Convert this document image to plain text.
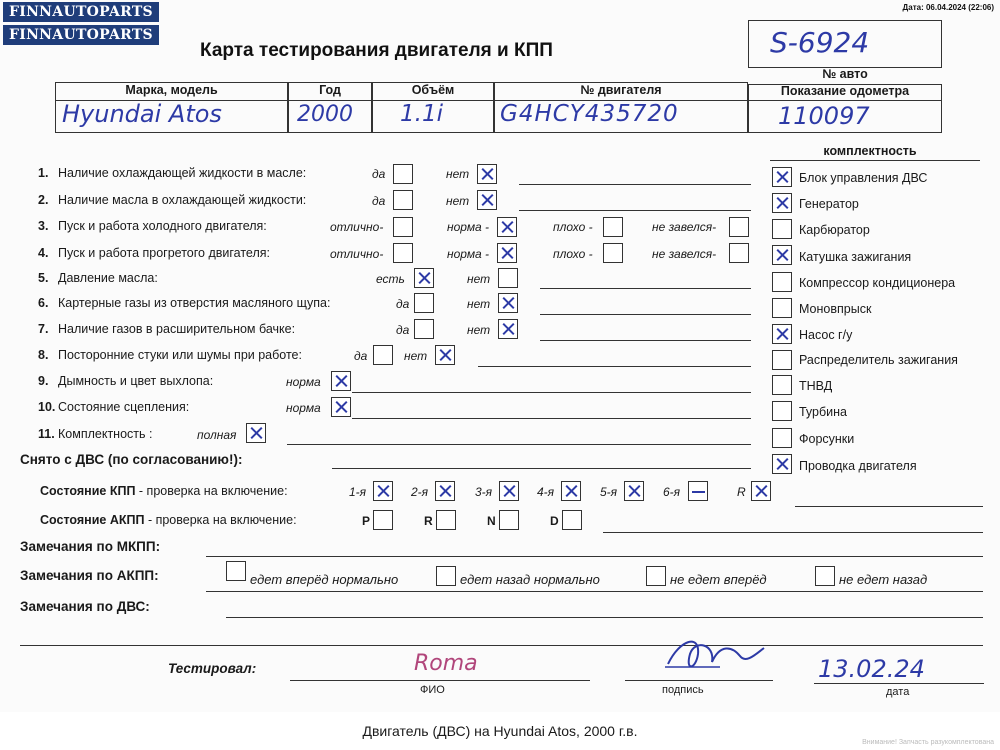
FINNAUTOPARTS
FINNAUTOPARTS
Дата: 06.04.2024 (22:06)
Карта тестирования двигателя и КПП	S-6924
№ авто
Марка, модель	Год	Объём	№ двигателя	Показание одометра
Hyundai Atos	2000 1.1i G4HCY435720	110097
комплектность
1. Наличие охлаждающей жидкости в масле:	да	нет
2. Наличие масла в охлаждающей жидкости:	да	нет
3. Пуск и работа холодного двигателя:	отлично-	норма -	плохо -	не завелся-
4. Пуск и работа прогретого двигателя:	отлично-	норма -	плохо -	не завелся-
5. Давление масла:	есть	нет
6. Картерные газы из отверстия масляного щупа:	да	нет
7. Наличие газов в расширительном бачке:	да	нет
8. Посторонние стуки или шумы при работе:	да	нет
9. Дымность и цвет выхлопа:	норма
10. Состояние сцепления:	норма
11. Комплектность :	полная
Блок управления ДВС
Генератор
Карбюратор
Катушка зажигания
Компрессор кондиционера
Моновпрыск
Насос г/у
Распределитель зажигания
ТНВД
Турбина
Форсунки
Проводка двигателя
Снято с ДВС (по согласованию!):
Состояние КПП - проверка на включение:	1-я	2-я	3-я	4-я	5-я	6-я	R
Состояние АКПП - проверка на включение:	P	R	N	D
Замечания по МКПП:
Замечания по АКПП:	едет вперёд нормально	едет назад нормально	не едет вперёд	не едет назад
Замечания по ДВС:
Тестировал:	Roma
ФИО	подпись
13.02.24
дата
Двигатель (ДВС) на Hyundai Atos, 2000 г.в.
Внимание! Запчасть разукомплектована
